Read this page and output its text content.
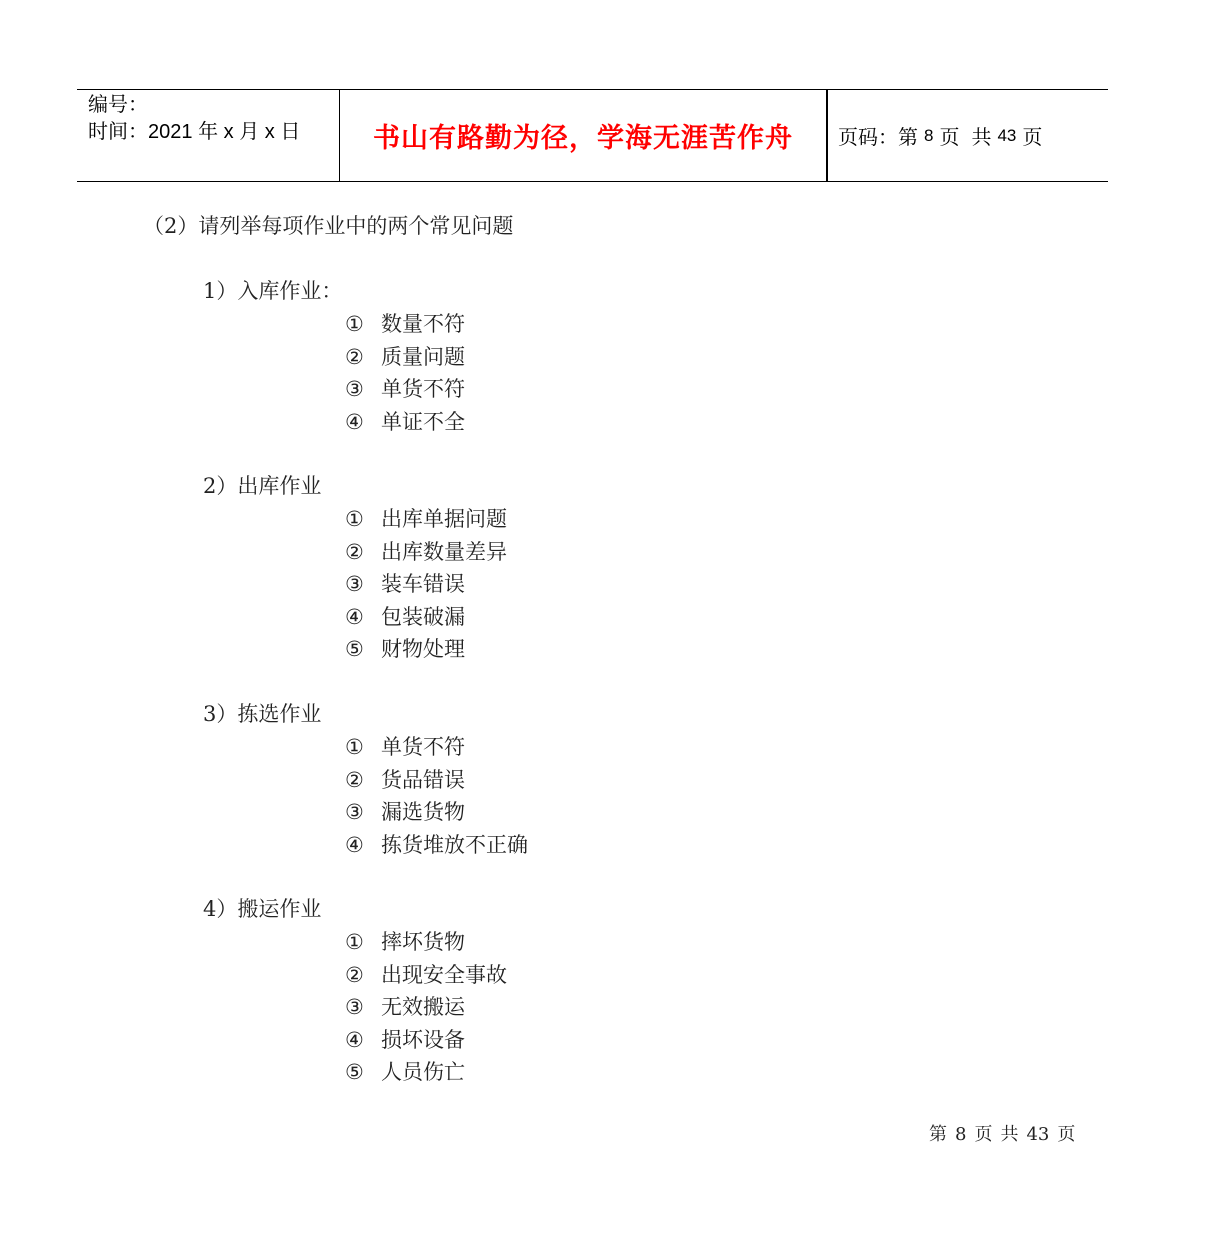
编号：
时间：2021 年 x 月 x 日	书山有路勤为径，学海无涯苦作舟	页码：第 8 页 共 43 页
（2）请列举每项作业中的两个常见问题
1）入库作业：
① 数量不符
② 质量问题
③ 单货不符
④ 单证不全
2）出库作业
① 出库单据问题
② 出库数量差异
③ 装车错误
④ 包装破漏
⑤ 财物处理
3）拣选作业
① 单货不符
② 货品错误
③ 漏选货物
④ 拣货堆放不正确
4）搬运作业
① 摔坏货物
② 出现安全事故
③ 无效搬运
④ 损坏设备
⑤ 人员伤亡
第 8 页 共 43 页
